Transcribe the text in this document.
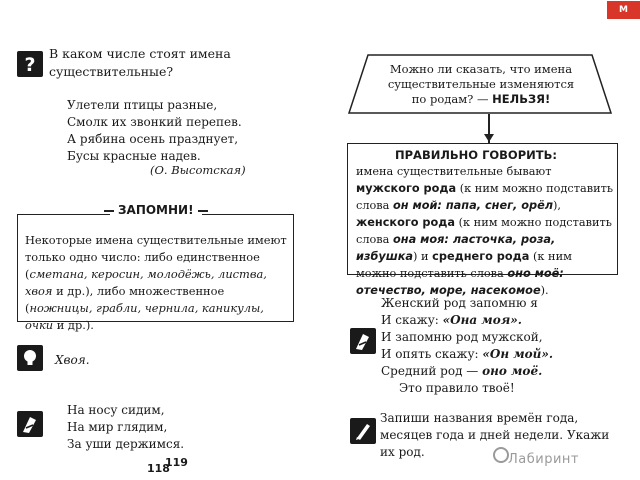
?
В каком числе стоят имена существительные?
Улетели птицы разные,
Смолк их звонкий перепев.
А рябина осень празднует,
Бусы красные надев.
(О. Высотская)
ЗАПОМНИ!
Некоторые имена существительные имеют только одно число: либо единственное (сметана, керосин, молодёжь, листва, хвоя и др.), либо множественное (ножницы, грабли, чернила, каникулы, очки и др.).
Хвоя.
На носу сидим,
На мир глядим,
За уши держимся.
118
Можно ли сказать, что имена существительные изменяются по родам? — НЕЛЬЗЯ!
ПРАВИЛЬНО ГОВОРИТЬ:
имена существительные бывают мужского рода (к ним можно подставить слова он мой: папа, снег, орёл), женского рода (к ним можно подставить слова она моя: ласточка, роза, избушка) и среднего рода (к ним можно подставить слова оно моё: отечество, море, насекомое).
Женский род запомню я
И скажу: «Она моя».
И запомню род мужской,
И опять скажу: «Он мой».
Средний род — оно моё.
Это правило твоё!
Запиши названия времён года, месяцев года и дней недели. Укажи их род.
119	Лабиринт
M
